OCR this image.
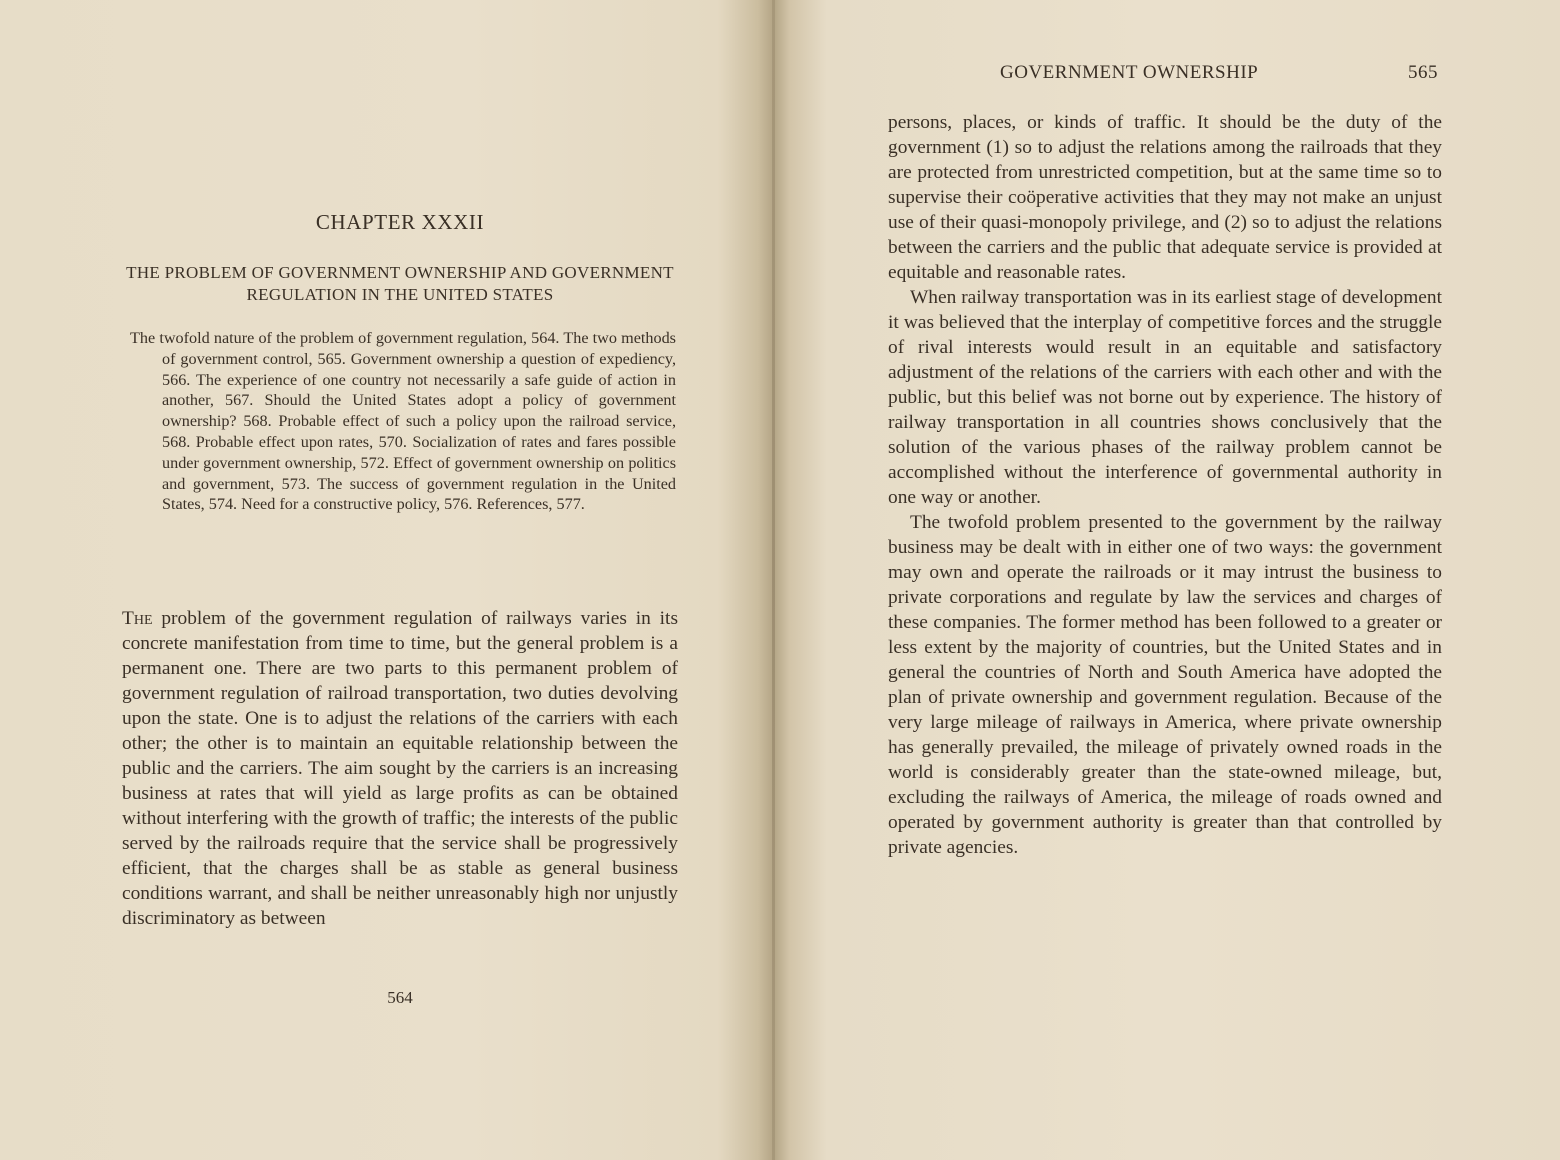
CHAPTER XXXII
THE PROBLEM OF GOVERNMENT OWNERSHIP AND GOVERNMENT REGULATION IN THE UNITED STATES
The twofold nature of the problem of government regulation, 564. The two methods of government control, 565. Government ownership a question of expediency, 566. The experience of one country not necessarily a safe guide of action in another, 567. Should the United States adopt a policy of government ownership? 568. Probable effect of such a policy upon the railroad service, 568. Probable effect upon rates, 570. Socialization of rates and fares possible under government ownership, 572. Effect of government ownership on politics and government, 573. The success of government regulation in the United States, 574. Need for a constructive policy, 576. References, 577.

The problem of the government regulation of railways varies in its concrete manifestation from time to time, but the general problem is a permanent one. There are two parts to this permanent problem of government regulation of railroad transportation, two duties devolving upon the state. One is to adjust the relations of the carriers with each other; the other is to maintain an equitable relationship between the public and the carriers. The aim sought by the carriers is an increasing business at rates that will yield as large profits as can be obtained without interfering with the growth of traffic; the interests of the public served by the railroads require that the service shall be progressively efficient, that the charges shall be as stable as general business conditions warrant, and shall be neither unreasonably high nor unjustly discriminatory as between

564
GOVERNMENT OWNERSHIP	565

persons, places, or kinds of traffic. It should be the duty of the government (1) so to adjust the relations among the railroads that they are protected from unrestricted competition, but at the same time so to supervise their coöperative activities that they may not make an unjust use of their quasi-monopoly privilege, and (2) so to adjust the relations between the carriers and the public that adequate service is provided at equitable and reasonable rates.

When railway transportation was in its earliest stage of development it was believed that the interplay of competitive forces and the struggle of rival interests would result in an equitable and satisfactory adjustment of the relations of the carriers with each other and with the public, but this belief was not borne out by experience. The history of railway transportation in all countries shows conclusively that the solution of the various phases of the railway problem cannot be accomplished without the interference of governmental authority in one way or another.

The twofold problem presented to the government by the railway business may be dealt with in either one of two ways: the government may own and operate the railroads or it may intrust the business to private corporations and regulate by law the services and charges of these companies. The former method has been followed to a greater or less extent by the majority of countries, but the United States and in general the countries of North and South America have adopted the plan of private ownership and government regulation. Because of the very large mileage of railways in America, where private ownership has generally prevailed, the mileage of privately owned roads in the world is considerably greater than the state-owned mileage, but, excluding the railways of America, the mileage of roads owned and operated by government authority is greater than that controlled by private agencies.
